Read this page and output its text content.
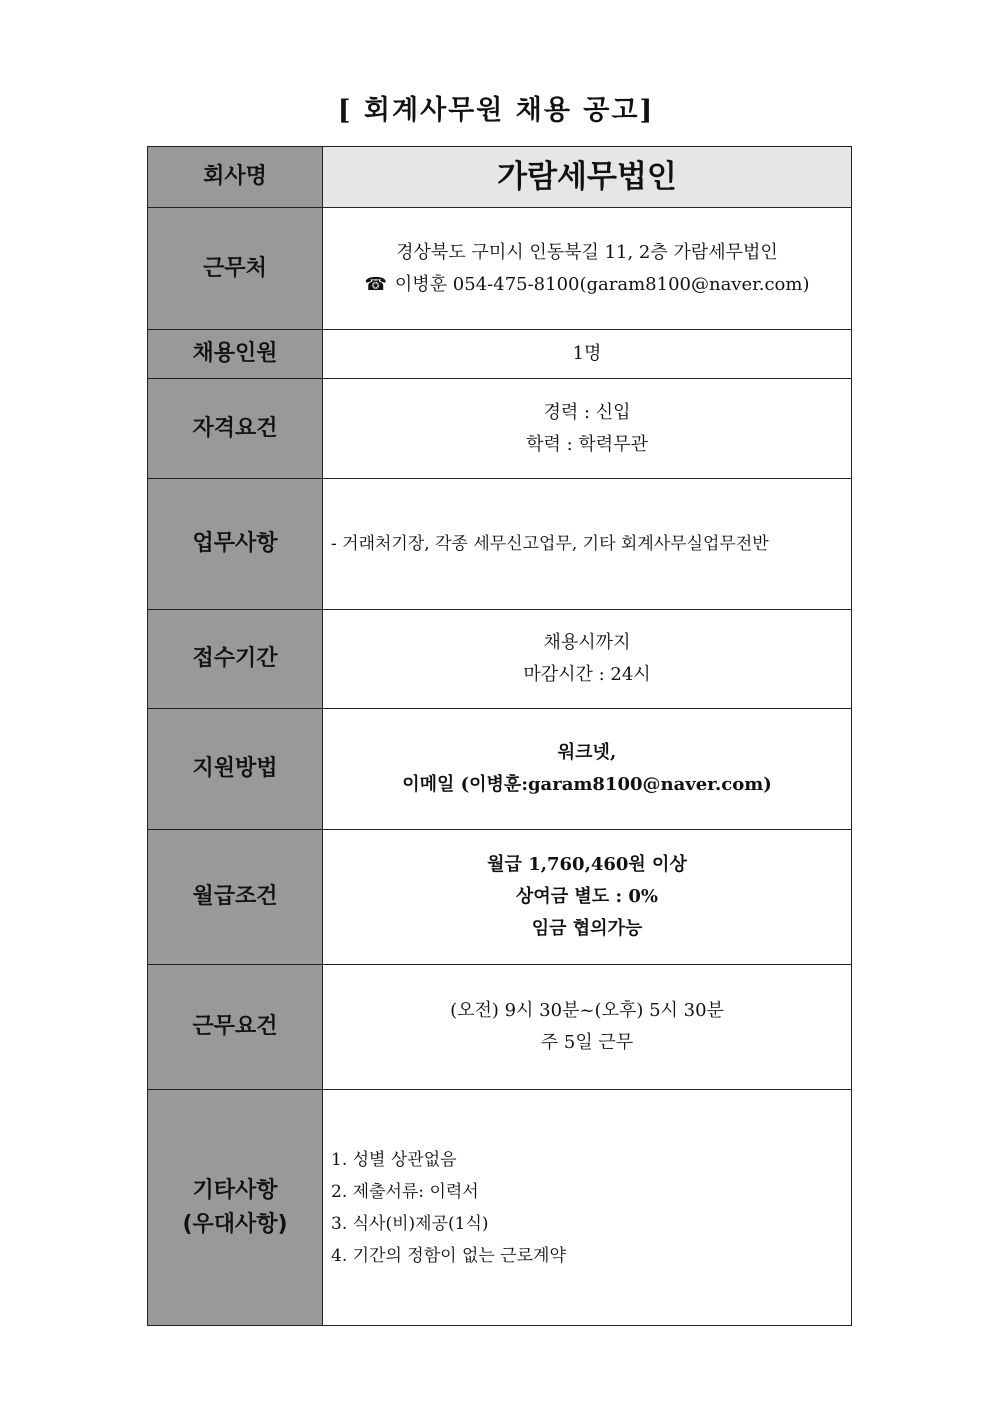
[ 회계사무원 채용 공고]
회사명	가람세무법인
근무처	경상북도 구미시 인동북길 11, 2층 가람세무법인
☎ 이병훈 054-475-8100(garam8100@naver.com)

채용인원	1명
자격요건	경력 : 신입
학력 : 학력무관

업무사항	- 거래처기장, 각종 세무신고업무, 기타 회계사무실업무전반
접수기간	채용시까지
마감시간 : 24시

지원방법	워크넷,
이메일 (이병훈:garam8100@naver.com)

월급조건	월급 1,760,460원 이상
상여금 별도 : 0%
임금 협의가능

근무요건	(오전) 9시 30분~(오후) 5시 30분
주 5일 근무

기타사항
(우대사항)	1. 성별 상관없음
2. 제출서류: 이력서
3. 식사(비)제공(1식)
4. 기간의 정함이 없는 근로계약
